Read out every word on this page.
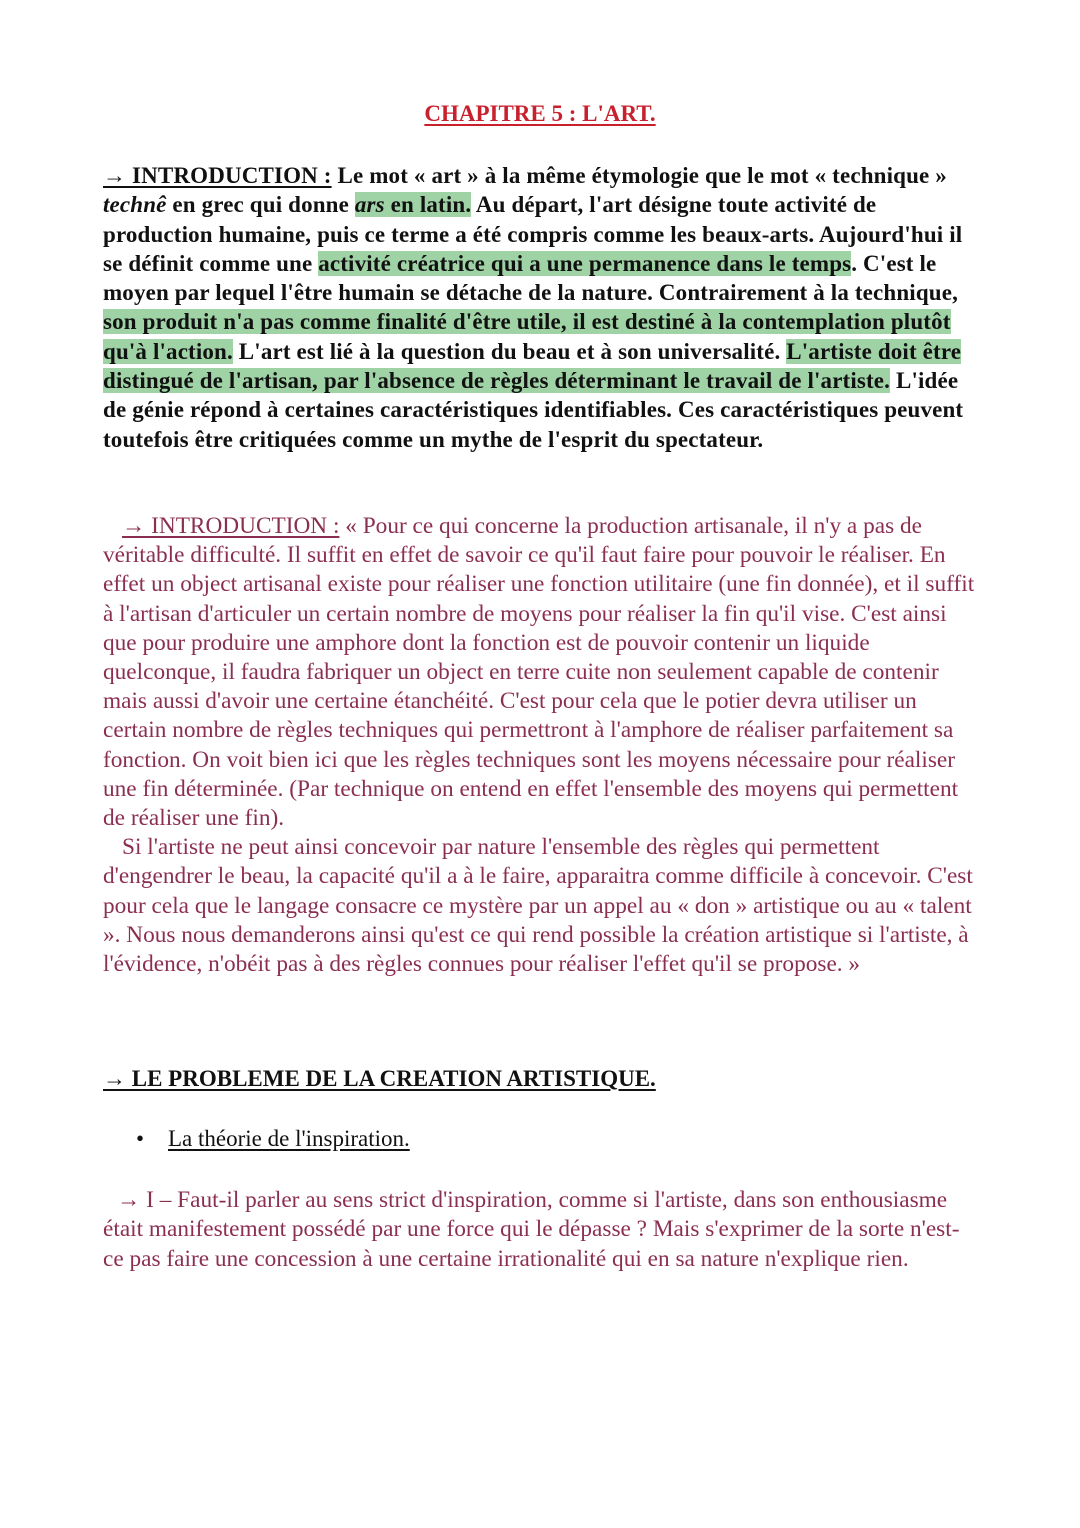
CHAPITRE 5 : L'ART.
→ INTRODUCTION : Le mot « art » à la même étymologie que le mot « technique » technê en grec qui donne ars en latin. Au départ, l'art désigne toute activité de production humaine, puis ce terme a été compris comme les beaux-arts. Aujourd'hui il se définit comme une activité créatrice qui a une permanence dans le temps. C'est le moyen par lequel l'être humain se détache de la nature. Contrairement à la technique, son produit n'a pas comme finalité d'être utile, il est destiné à la contemplation plutôt qu'à l'action. L'art est lié à la question du beau et à son universalité. L'artiste doit être distingué de l'artisan, par l'absence de règles déterminant le travail de l'artiste. L'idée de génie répond à certaines caractéristiques identifiables. Ces caractéristiques peuvent toutefois être critiquées comme un mythe de l'esprit du spectateur.

→ INTRODUCTION : « Pour ce qui concerne la production artisanale, il n'y a pas de véritable difficulté. Il suffit en effet de savoir ce qu'il faut faire pour pouvoir le réaliser. En effet un object artisanal existe pour réaliser une fonction utilitaire (une fin donnée), et il suffit à l'artisan d'articuler un certain nombre de moyens pour réaliser la fin qu'il vise. C'est ainsi que pour produire une amphore dont la fonction est de pouvoir contenir un liquide quelconque, il faudra fabriquer un object en terre cuite non seulement capable de contenir mais aussi d'avoir une certaine étanchéité. C'est pour cela que le potier devra utiliser un certain nombre de règles techniques qui permettront à l'amphore de réaliser parfaitement sa fonction. On voit bien ici que les règles techniques sont les moyens nécessaire pour réaliser une fin déterminée. (Par technique on entend en effet l'ensemble des moyens qui permettent de réaliser une fin).

Si l'artiste ne peut ainsi concevoir par nature l'ensemble des règles qui permettent d'engendrer le beau, la capacité qu'il a à le faire, apparaitra comme difficile à concevoir. C'est pour cela que le langage consacre ce mystère par un appel au « don » artistique ou au « talent ». Nous nous demanderons ainsi qu'est ce qui rend possible la création artistique si l'artiste, à l'évidence, n'obéit pas à des règles connues pour réaliser l'effet qu'il se propose. »

→ LE PROBLEME DE LA CREATION ARTISTIQUE.
• La théorie de l'inspiration.

→ I – Faut-il parler au sens strict d'inspiration, comme si l'artiste, dans son enthousiasme était manifestement possédé par une force qui le dépasse ? Mais s'exprimer de la sorte n'est-ce pas faire une concession à une certaine irrationalité qui en sa nature n'explique rien.
